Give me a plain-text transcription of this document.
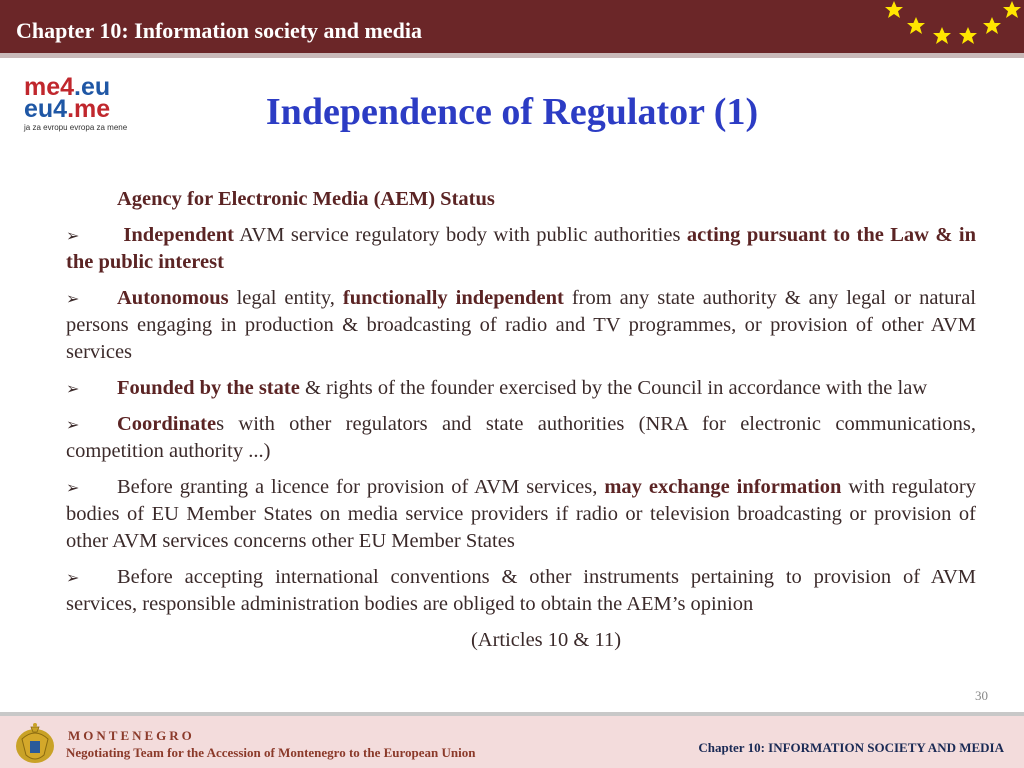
Chapter 10: Information society and media
me4.eu
eu4.me
ja za evropu evropa za mene	Independence of Regulator (1)
Agency for Electronic Media (AEM) Status
➢ Independent AVM service regulatory body with public authorities acting pursuant to the Law & in the public interest
➢ Autonomous legal entity, functionally independent from any state authority & any legal or natural persons engaging in production & broadcasting of radio and TV programmes, or provision of other AVM services
➢ Founded by the state & rights of the founder exercised by the Council in accordance with the law
➢ Coordinates with other regulators and state authorities (NRA for electronic communications, competition authority ...)
➢ Before granting a licence for provision of AVM services, may exchange information with regulatory bodies of EU Member States on media service providers if radio or television broadcasting or provision of other AVM services concerns other EU Member States
➢ Before accepting international conventions & other instruments pertaining to provision of AVM services, responsible administration bodies are obliged to obtain the AEM’s opinion
(Articles 10 & 11)
30
MONTENEGRO
Negotiating Team for the Accession of Montenegro to the European Union	Chapter 10: INFORMATION SOCIETY AND MEDIA
